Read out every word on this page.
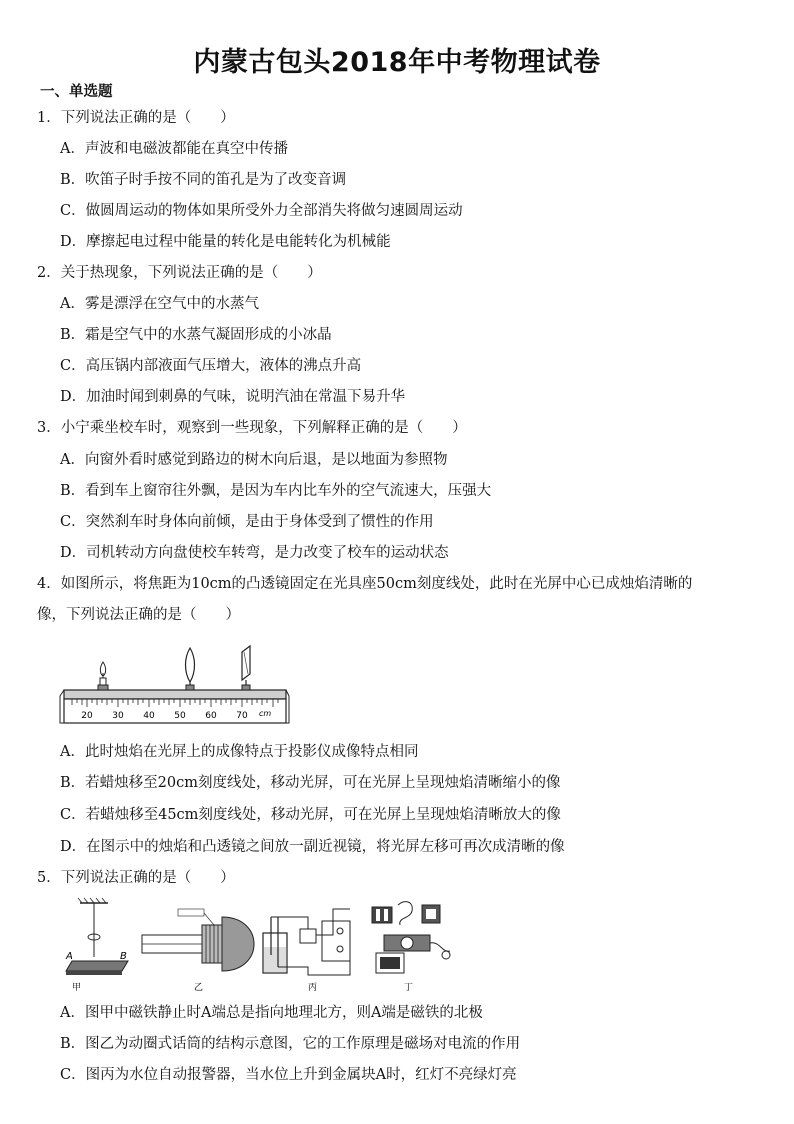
内蒙古包头2018年中考物理试卷
一、单选题
1．下列说法正确的是（　　）
A．声波和电磁波都能在真空中传播
B．吹笛子时手按不同的笛孔是为了改变音调
C．做圆周运动的物体如果所受外力全部消失将做匀速圆周运动
D．摩擦起电过程中能量的转化是电能转化为机械能
2．关于热现象，下列说法正确的是（　　）
A．雾是漂浮在空气中的水蒸气
B．霜是空气中的水蒸气凝固形成的小冰晶
C．高压锅内部液面气压增大，液体的沸点升高
D．加油时闻到刺鼻的气味，说明汽油在常温下易升华
3．小宁乘坐校车时，观察到一些现象，下列解释正确的是（　　）
A．向窗外看时感觉到路边的树木向后退，是以地面为参照物
B．看到车上窗帘往外飘，是因为车内比车外的空气流速大，压强大
C．突然刹车时身体向前倾，是由于身体受到了惯性的作用
D．司机转动方向盘使校车转弯，是力改变了校车的运动状态
4．如图所示，将焦距为10cm的凸透镜固定在光具座50cm刻度线处，此时在光屏中心已成烛焰清晰的
像，下列说法正确的是（　　）
20 30 40 50 60 70 cm
A．此时烛焰在光屏上的成像特点于投影仪成像特点相同
B．若蜡烛移至20cm刻度线处，移动光屏，可在光屏上呈现烛焰清晰缩小的像
C．若蜡烛移至45cm刻度线处，移动光屏，可在光屏上呈现烛焰清晰放大的像
D．在图示中的烛焰和凸透镜之间放一副近视镜，将光屏左移可再次成清晰的像
5．下列说法正确的是（　　）
A	B
甲	乙	丙	丁
A．图甲中磁铁静止时A端总是指向地理北方，则A端是磁铁的北极
B．图乙为动圈式话筒的结构示意图，它的工作原理是磁场对电流的作用
C．图丙为水位自动报警器，当水位上升到金属块A时，红灯不亮绿灯亮
